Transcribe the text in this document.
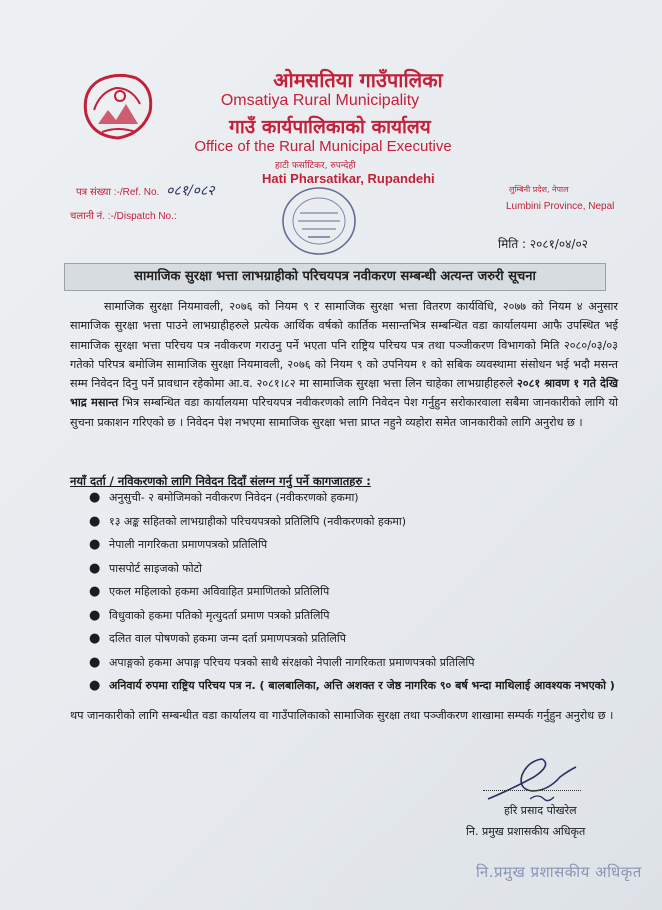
ओमसतिया गाउँपालिका
Omsatiya Rural Municipality
गाउँ कार्यपालिकाको कार्यालय
Office of the Rural Municipal Executive
हाटी फर्साटिकर, रुपन्देही
Hati Pharsatikar, Rupandehi
लुम्बिनी प्रदेश, नेपाल
Lumbini Province, Nepal
पत्र संख्या :-/Ref. No. ०८१/०८२
चलानी नं. :-/Dispatch No.:
मिति : २०८१/०४/०२
सामाजिक सुरक्षा भत्ता लाभग्राहीको परिचयपत्र नवीकरण सम्बन्धी अत्यन्त जरुरी सूचना
सामाजिक सुरक्षा नियमावली, २०७६ को नियम ९ र सामाजिक सुरक्षा भत्ता वितरण कार्यविधि, २०७७ को नियम ४ अनुसार सामाजिक सुरक्षा भत्ता पाउने लाभग्राहीहरुले प्रत्येक आर्थिक वर्षको कार्तिक मसान्तभित्र सम्बन्धित वडा कार्यालयमा आफै उपस्थित भई सामाजिक सुरक्षा भत्ता परिचय पत्र नवीकरण गराउनु पर्ने भएता पनि राष्ट्रिय परिचय पत्र तथा पञ्जीकरण विभागको मिति २०८०/०३/०३ गतेको परिपत्र बमोजिम सामाजिक सुरक्षा नियमावली, २०७६ को नियम ९ को उपनियम १ को सबिक व्यवस्थामा संसोधन भई भदौ मसन्त सम्म निवेदन दिनु पर्ने प्रावधान रहेकोमा आ.व. २०८१।८२ मा सामाजिक सुरक्षा भत्ता लिन चाहेका लाभग्राहीहरुले २०८१ श्रावण १ गते देखि भाद्र मसान्त भित्र सम्बन्धित वडा कार्यालयमा परिचयपत्र नवीकरणको लागि निवेदन पेश गर्नुहुन सरोकारवाला सबैमा जानकारीको लागि यो सुचना प्रकाशन गरिएको छ । निवेदन पेश नभएमा सामाजिक सुरक्षा भत्ता प्राप्त नहुने व्यहोरा समेत जानकारीको लागि अनुरोध छ ।
नयाँ दर्ता / नविकरणको लागि निवेदन दिदाँ संलग्न गर्नु पर्ने कागजातहरु :
● अनुसुची- २ बमोजिमको नवीकरण निवेदन (नवीकरणको हकमा)
● १३ अङ्क सहितको लाभग्राहीको परिचयपत्रको प्रतिलिपि (नवीकरणको हकमा)
● नेपाली नागरिकता प्रमाणपत्रको प्रतिलिपि
● पासपोर्ट साइजको फोटो
● एकल महिलाको हकमा अविवाहित प्रमाणितको प्रतिलिपि
● विधुवाको हकमा पतिको मृत्युदर्ता प्रमाण पत्रको प्रतिलिपि
● दलित वाल पोषणको हकमा जन्म दर्ता प्रमाणपत्रको प्रतिलिपि
● अपाङ्गको हकमा अपाङ्ग परिचय पत्रको साथै संरक्षको नेपाली नागरिकता प्रमाणपत्रको प्रतिलिपि
● अनिवार्य रुपमा राष्ट्रिय परिचय पत्र न. ( बालबालिका, अत्ति अशक्त र जेष्ठ नागरिक ९० बर्ष भन्दा माथिलाई आवश्यक नभएको )
थप जानकारीको लागि सम्बन्धीत वडा कार्यालय वा गाउँपालिकाको सामाजिक सुरक्षा तथा पञ्जीकरण शाखामा सम्पर्क गर्नुहुन अनुरोध छ ।
हरि प्रसाद पोखरेल
नि. प्रमुख प्रशासकीय अधिकृत
नि.प्रमुख प्रशासकीय अधिकृत
